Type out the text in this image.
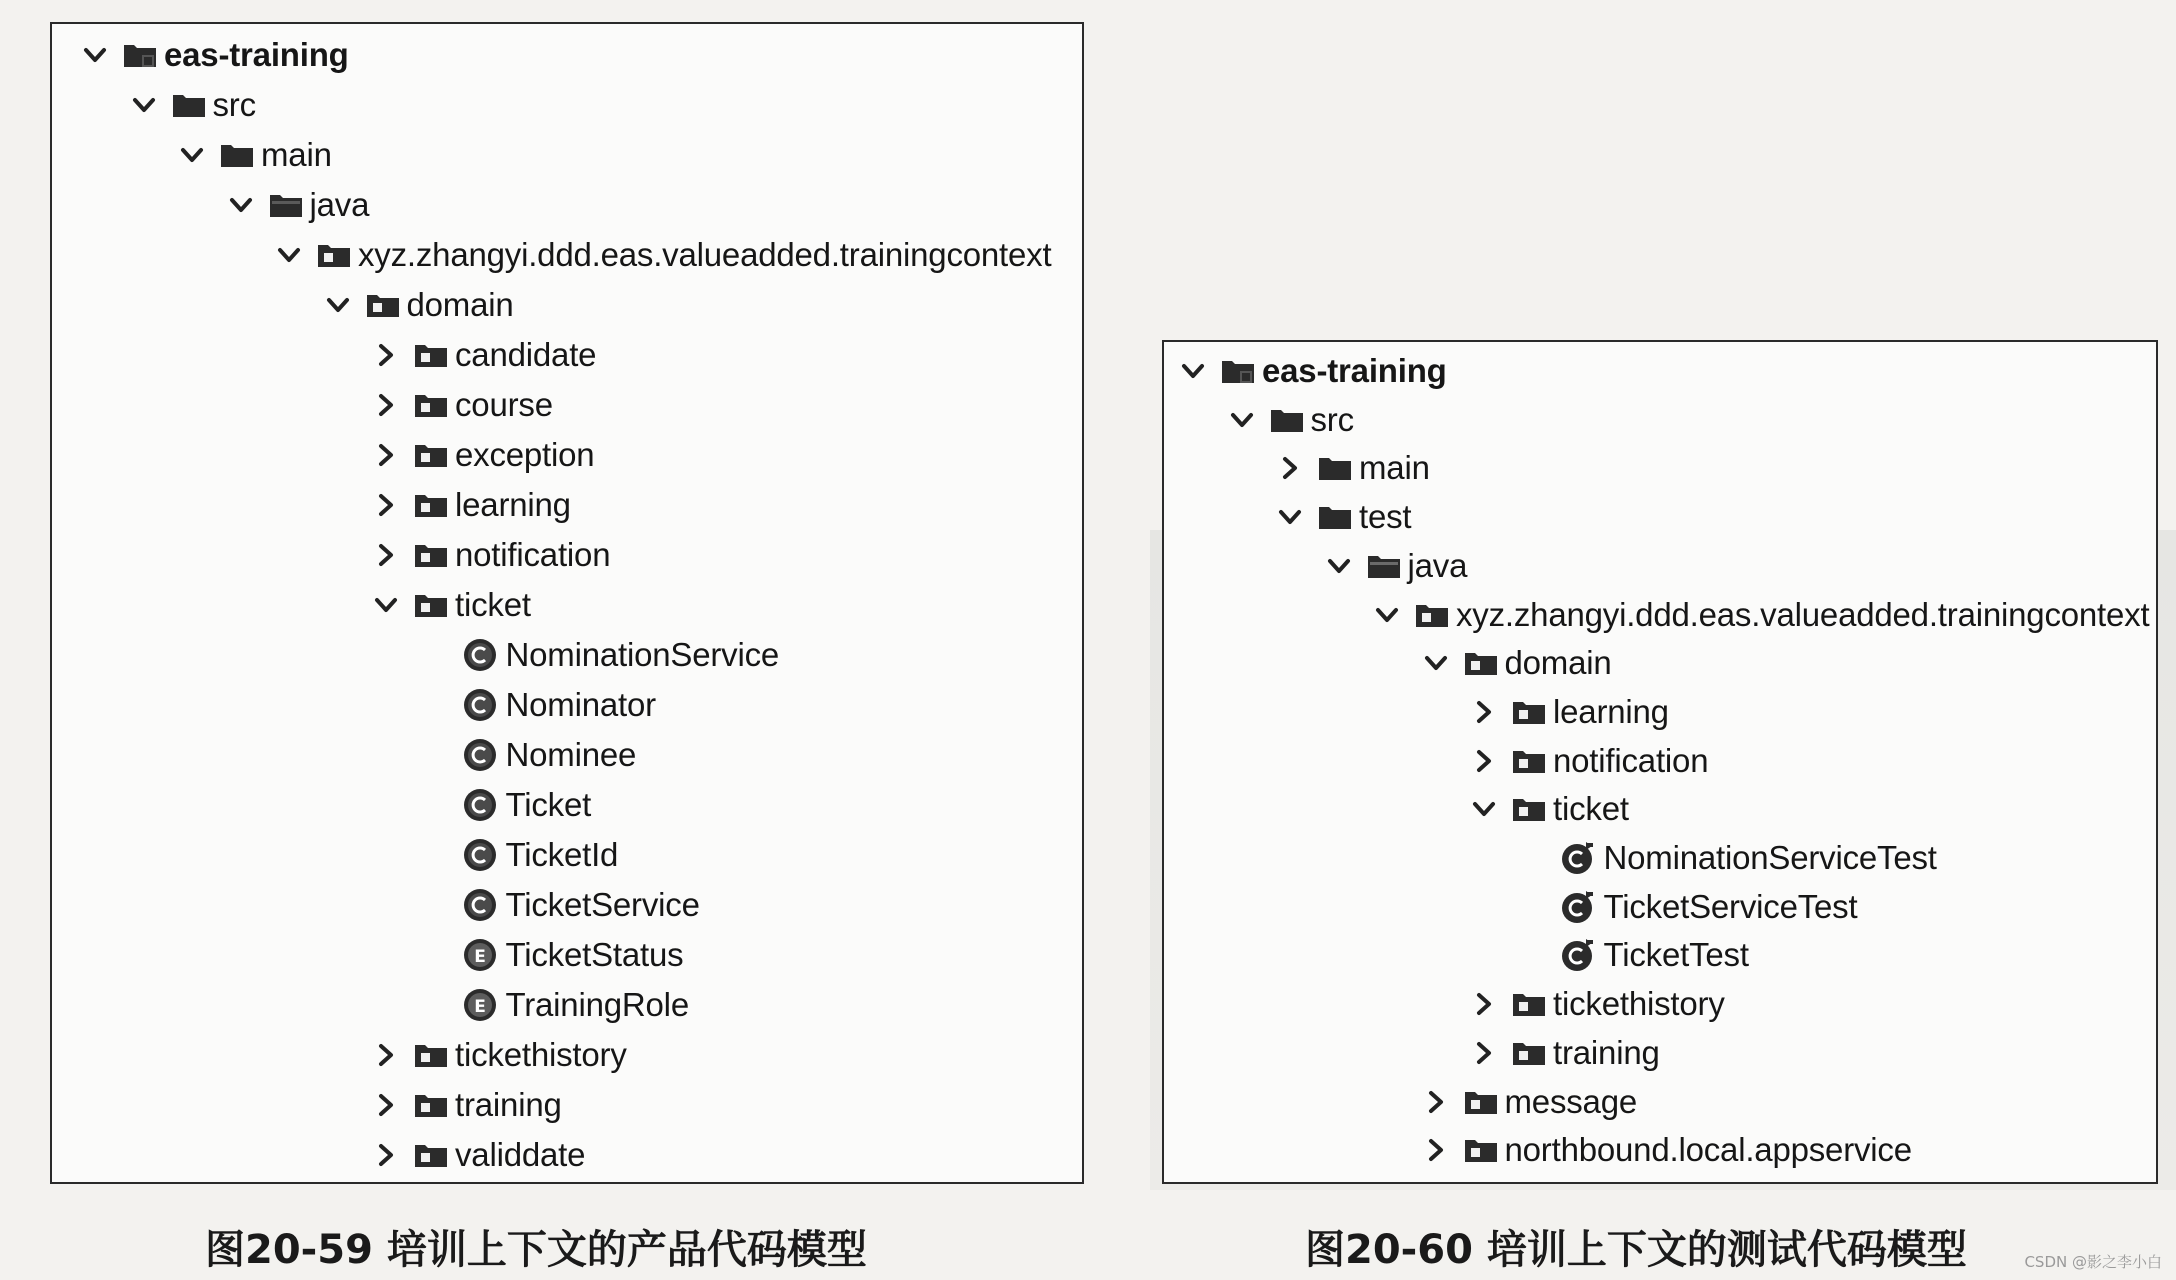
eas-training
src
main
java
xyz.zhangyi.ddd.eas.valueadded.trainingcontext
domain
candidate
course
exception
learning
notification
ticket
NominationService
Nominator
Nominee
Ticket
TicketId
TicketService
E TicketStatus
E TrainingRole
tickethistory
training
validdate
eas-training
src
main
test
java
xyz.zhangyi.ddd.eas.valueadded.trainingcontext
domain
learning
notification
ticket
NominationServiceTest
TicketServiceTest
TicketTest
tickethistory
training
message
northbound.local.appservice
图20-59 培训上下文的产品代码模型	图20-60 培训上下文的测试代码模型	CSDN @影之李小白
